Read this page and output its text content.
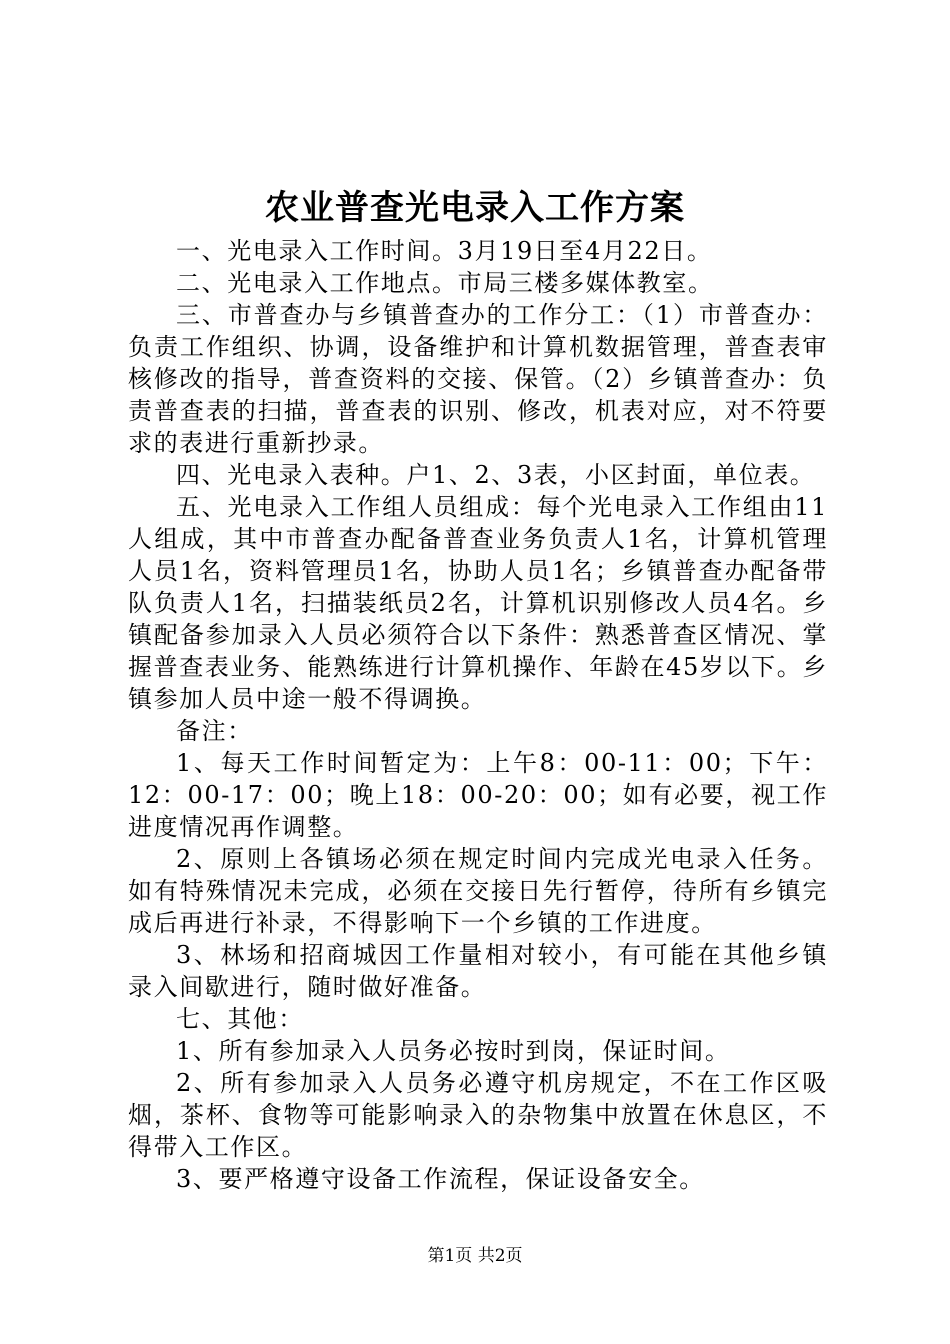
农业普查光电录入工作方案

一、光电录入工作时间。3月19日至4月22日。

二、光电录入工作地点。市局三楼多媒体教室。

三、市普查办与乡镇普查办的工作分工：（1）市普查办：负责工作组织、协调，设备维护和计算机数据管理，普查表审核修改的指导，普查资料的交接、保管。（2）乡镇普查办：负责普查表的扫描，普查表的识别、修改，机表对应，对不符要求的表进行重新抄录。

四、光电录入表种。户1、2、3表，小区封面，单位表。

五、光电录入工作组人员组成：每个光电录入工作组由11人组成，其中市普查办配备普查业务负责人1名，计算机管理人员1名，资料管理员1名，协助人员1名；乡镇普查办配备带队负责人1名，扫描装纸员2名，计算机识别修改人员4名。乡镇配备参加录入人员必须符合以下条件：熟悉普查区情况、掌握普查表业务、能熟练进行计算机操作、年龄在45岁以下。乡镇参加人员中途一般不得调换。

备注：

1、每天工作时间暂定为：上午8：00-11：00；下午：12：00-17：00；晚上18：00-20：00；如有必要，视工作进度情况再作调整。

2、原则上各镇场必须在规定时间内完成光电录入任务。如有特殊情况未完成，必须在交接日先行暂停，待所有乡镇完成后再进行补录，不得影响下一个乡镇的工作进度。

3、林场和招商城因工作量相对较小，有可能在其他乡镇录入间歇进行，随时做好准备。

七、其他：

1、所有参加录入人员务必按时到岗，保证时间。

2、所有参加录入人员务必遵守机房规定，不在工作区吸烟，茶杯、食物等可能影响录入的杂物集中放置在休息区，不得带入工作区。

3、要严格遵守设备工作流程，保证设备安全。

第1页 共2页
